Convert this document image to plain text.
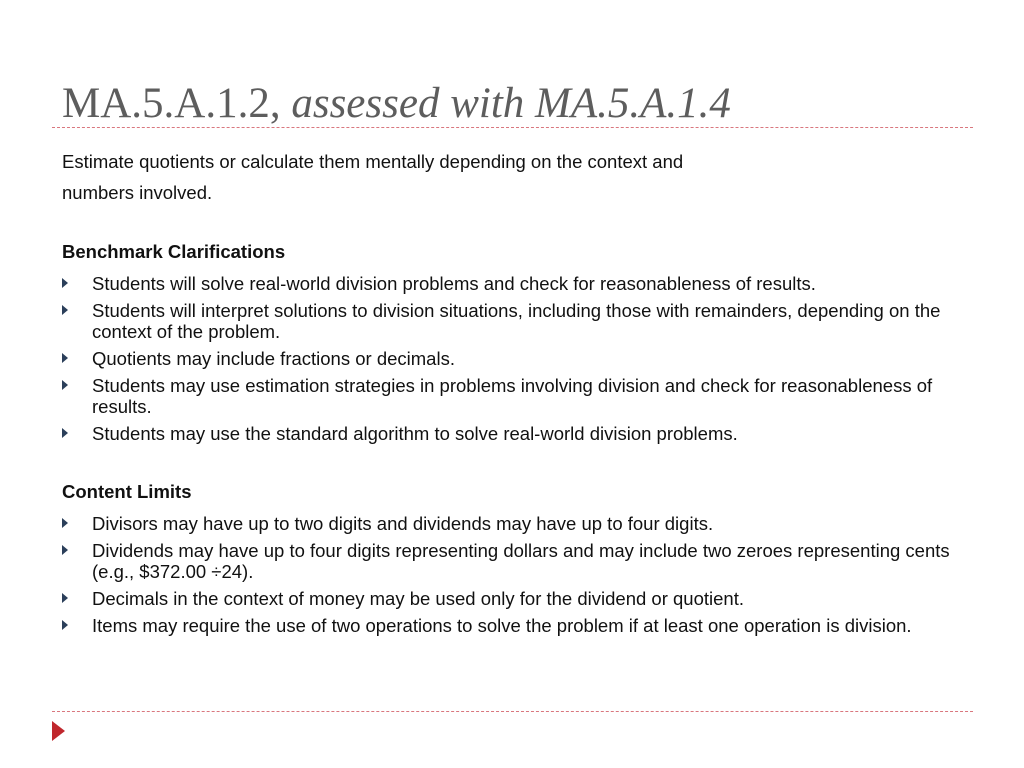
MA.5.A.1.2, assessed with MA.5.A.1.4

Estimate quotients or calculate them mentally depending on the context and

numbers involved.

Benchmark Clarifications

Students will solve real-world division problems and check for reasonableness of results.
Students will interpret solutions to division situations, including those with remainders, depending on the context of the problem.
Quotients may include fractions or decimals.
Students may use estimation strategies in problems involving division and check for reasonableness of results.
Students may use the standard algorithm to solve real-world division problems.

Content Limits

Divisors may have up to two digits and dividends may have up to four digits.
Dividends may have up to four digits representing dollars and may include two zeroes representing cents (e.g., $372.00 ÷24).
Decimals in the context of money may be used only for the dividend or quotient.
Items may require the use of two operations to solve the problem if at least one operation is division.
